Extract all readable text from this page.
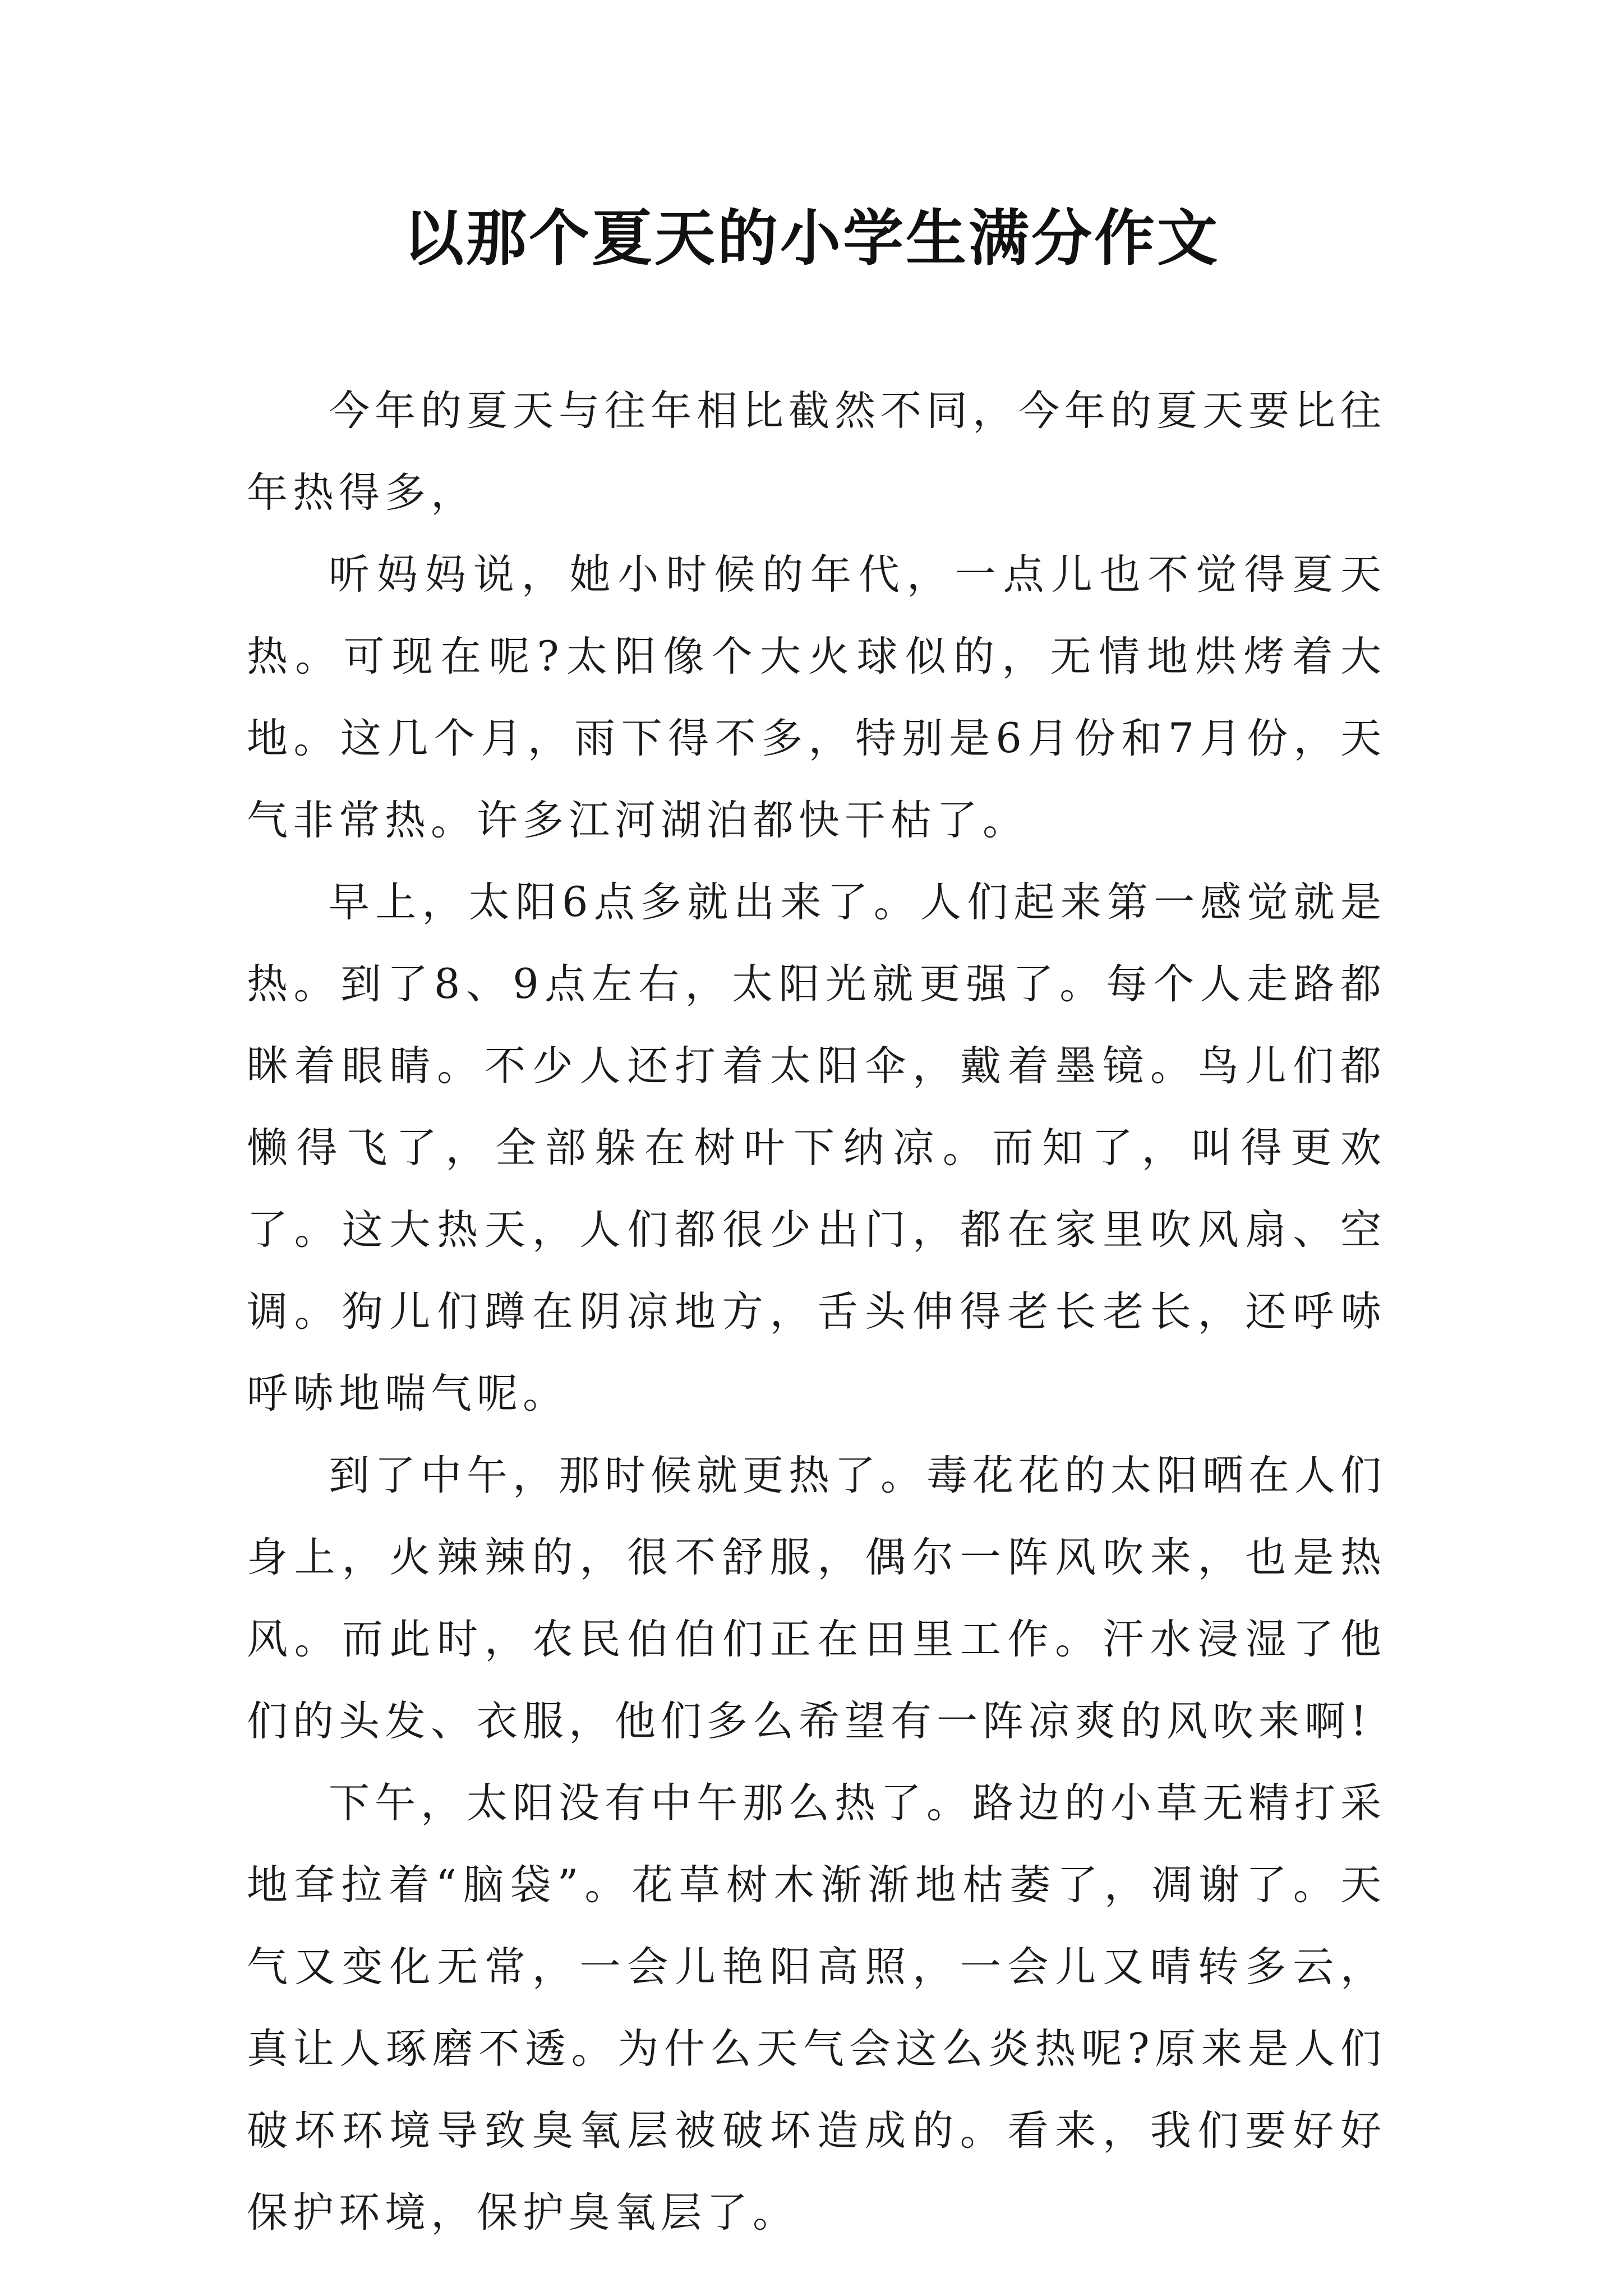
以那个夏天的小学生满分作文

今年的夏天与往年相比截然不同，今年的夏天要比往年热得多，

听妈妈说，她小时候的年代，一点儿也不觉得夏天热。可现在呢?太阳像个大火球似的，无情地烘烤着大地。这几个月，雨下得不多，特别是6月份和7月份，天气非常热。许多江河湖泊都快干枯了。

早上，太阳6点多就出来了。人们起来第一感觉就是热。到了8、9点左右，太阳光就更强了。每个人走路都眯着眼睛。不少人还打着太阳伞，戴着墨镜。鸟儿们都懒得飞了，全部躲在树叶下纳凉。而知了，叫得更欢了。这大热天，人们都很少出门，都在家里吹风扇、空调。狗儿们蹲在阴凉地方，舌头伸得老长老长，还呼哧呼哧地喘气呢。

到了中午，那时候就更热了。毒花花的太阳晒在人们身上，火辣辣的，很不舒服，偶尔一阵风吹来，也是热风。而此时，农民伯伯们正在田里工作。汗水浸湿了他们的头发、衣服，他们多么希望有一阵凉爽的风吹来啊!

下午，太阳没有中午那么热了。路边的小草无精打采地耷拉着“脑袋”。花草树木渐渐地枯萎了，凋谢了。天气又变化无常，一会儿艳阳高照，一会儿又晴转多云，真让人琢磨不透。为什么天气会这么炎热呢?原来是人们破坏环境导致臭氧层被破坏造成的。看来，我们要好好保护环境，保护臭氧层了。
